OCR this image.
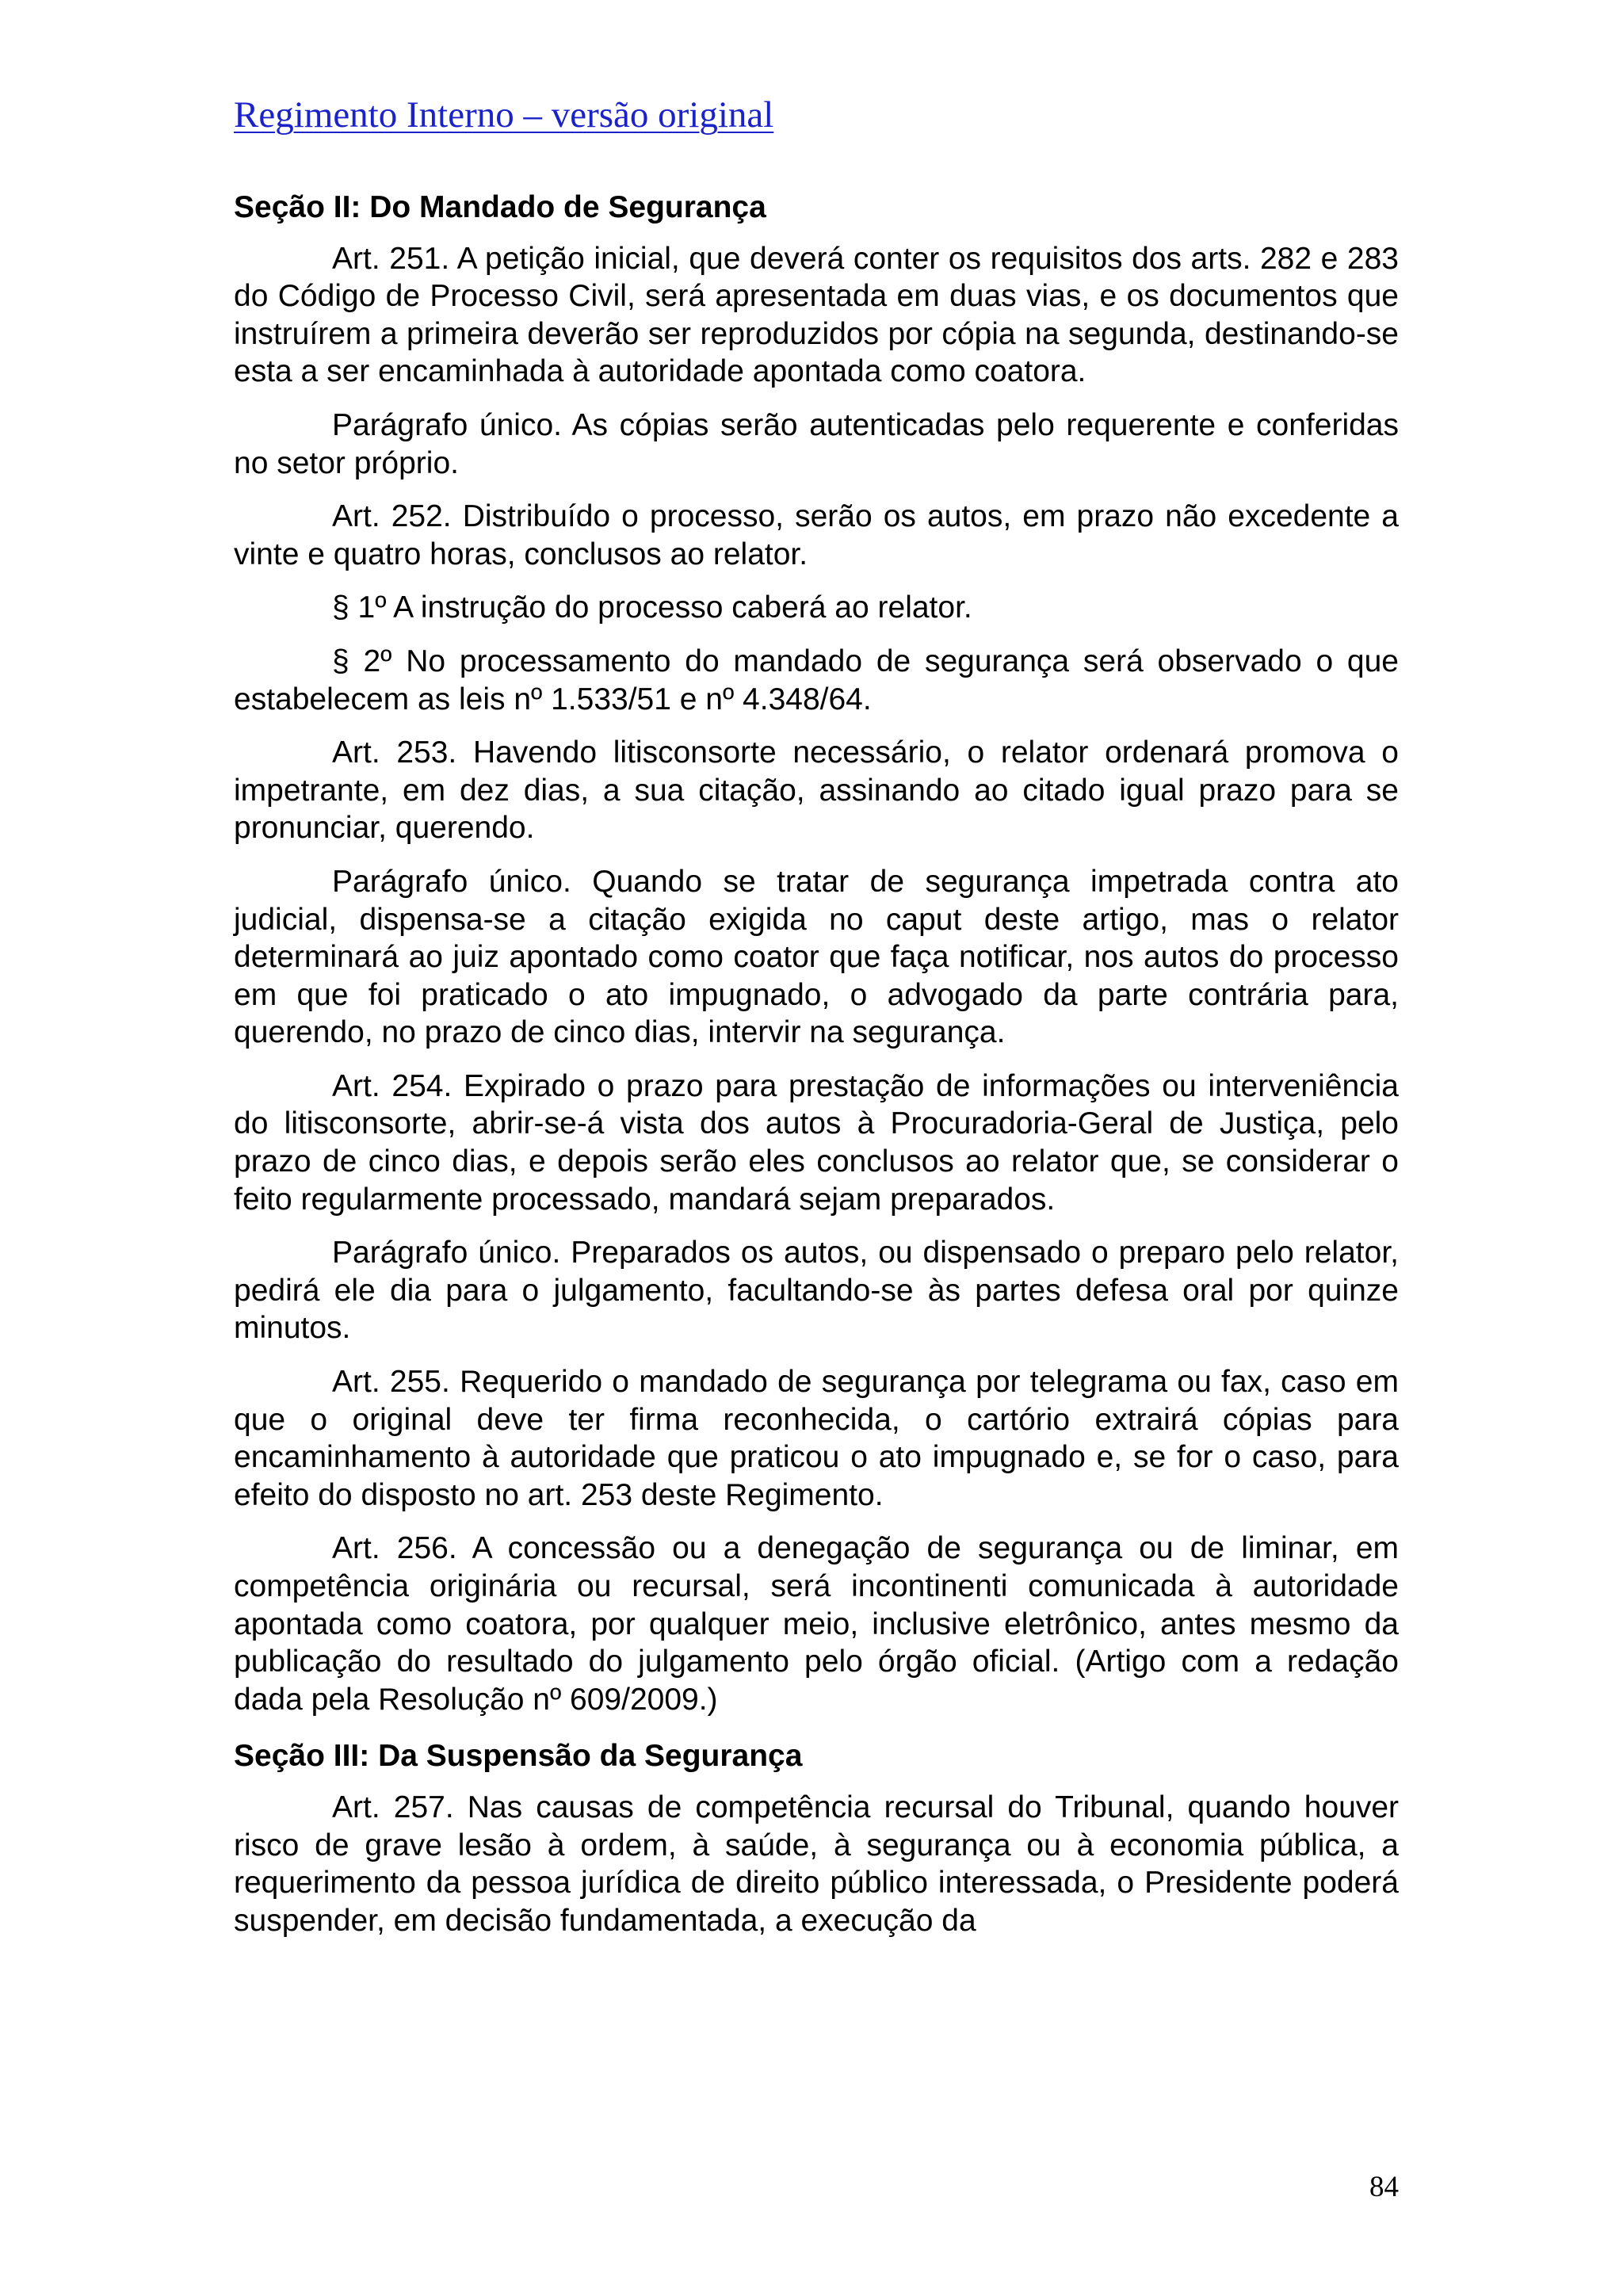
Regimento Interno – versão original
Seção II: Do Mandado de Segurança

Art. 251. A petição inicial, que deverá conter os requisitos dos arts. 282 e 283 do Código de Processo Civil, será apresentada em duas vias, e os documentos que instruírem a primeira deverão ser reproduzidos por cópia na segunda, destinando-se esta a ser encaminhada à autoridade apontada como coatora.

Parágrafo único. As cópias serão autenticadas pelo requerente e conferidas no setor próprio.

Art. 252. Distribuído o processo, serão os autos, em prazo não excedente a vinte e quatro horas, conclusos ao relator.

§ 1º A instrução do processo caberá ao relator.

§ 2º No processamento do mandado de segurança será observado o que estabelecem as leis nº 1.533/51 e nº 4.348/64.

Art. 253. Havendo litisconsorte necessário, o relator ordenará promova o impetrante, em dez dias, a sua citação, assinando ao citado igual prazo para se pronunciar, querendo.

Parágrafo único. Quando se tratar de segurança impetrada contra ato judicial, dispensa-se a citação exigida no caput deste artigo, mas o relator determinará ao juiz apontado como coator que faça notificar, nos autos do processo em que foi praticado o ato impugnado, o advogado da parte contrária para, querendo, no prazo de cinco dias, intervir na segurança.

Art. 254. Expirado o prazo para prestação de informações ou interveniência do litisconsorte, abrir-se-á vista dos autos à Procuradoria-Geral de Justiça, pelo prazo de cinco dias, e depois serão eles conclusos ao relator que, se considerar o feito regularmente processado, mandará sejam preparados.

Parágrafo único. Preparados os autos, ou dispensado o preparo pelo relator, pedirá ele dia para o julgamento, facultando-se às partes defesa oral por quinze minutos.

Art. 255. Requerido o mandado de segurança por telegrama ou fax, caso em que o original deve ter firma reconhecida, o cartório extrairá cópias para encaminhamento à autoridade que praticou o ato impugnado e, se for o caso, para efeito do disposto no art. 253 deste Regimento.

Art. 256. A concessão ou a denegação de segurança ou de liminar, em competência originária ou recursal, será incontinenti comunicada à autoridade apontada como coatora, por qualquer meio, inclusive eletrônico, antes mesmo da publicação do resultado do julgamento pelo órgão oficial. (Artigo com a redação dada pela Resolução nº 609/2009.)

Seção III: Da Suspensão da Segurança

Art. 257. Nas causas de competência recursal do Tribunal, quando houver risco de grave lesão à ordem, à saúde, à segurança ou à economia pública, a requerimento da pessoa jurídica de direito público interessada, o Presidente poderá suspender, em decisão fundamentada, a execução da

84
